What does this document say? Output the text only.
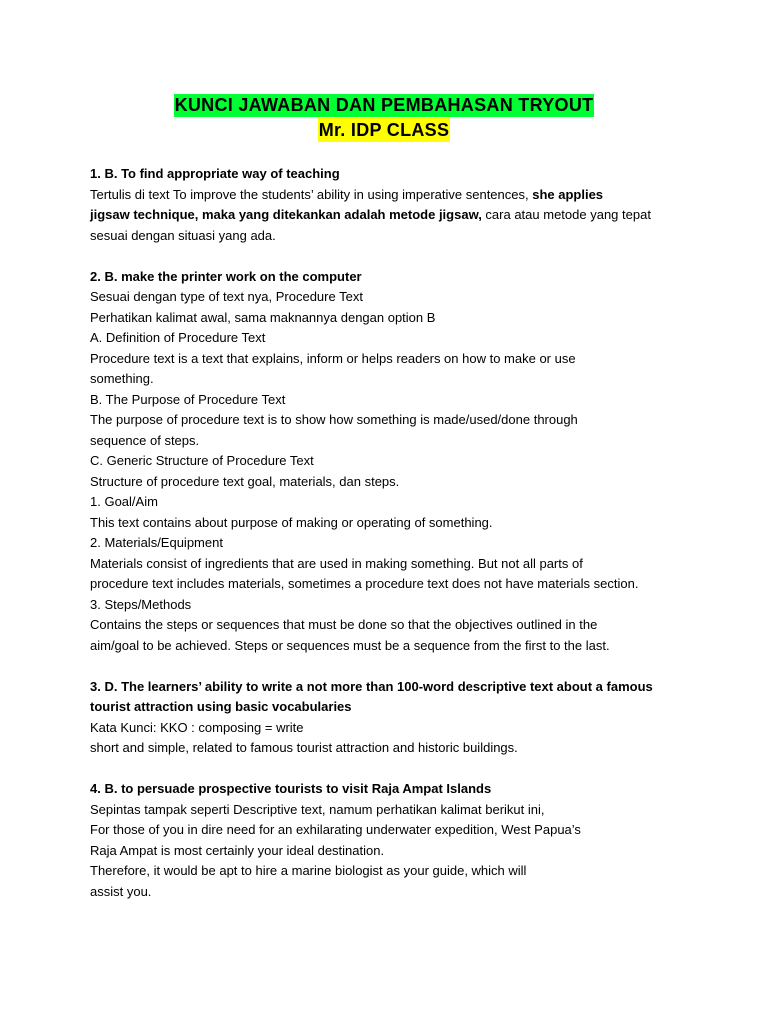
KUNCI JAWABAN DAN PEMBAHASAN TRYOUT
Mr. IDP CLASS
1. B. To find appropriate way of teaching
Tertulis di text To improve the students’ ability in using imperative sentences, she applies
jigsaw technique, maka yang ditekankan adalah metode jigsaw, cara atau metode yang tepat
sesuai dengan situasi yang ada.
2. B. make the printer work on the computer
Sesuai dengan type of text nya, Procedure Text
Perhatikan kalimat awal, sama maknannya dengan option B
A. Definition of Procedure Text
Procedure text is a text that explains, inform or helps readers on how to make or use
something.
B. The Purpose of Procedure Text
The purpose of procedure text is to show how something is made/used/done through
sequence of steps.
C. Generic Structure of Procedure Text
Structure of procedure text goal, materials, dan steps.
1. Goal/Aim
This text contains about purpose of making or operating of something.
2. Materials/Equipment
Materials consist of ingredients that are used in making something. But not all parts of
procedure text includes materials, sometimes a procedure text does not have materials section.
3. Steps/Methods
Contains the steps or sequences that must be done so that the objectives outlined in the
aim/goal to be achieved. Steps or sequences must be a sequence from the first to the last.
3. D. The learners’ ability to write a not more than 100-word descriptive text about a famous
tourist attraction using basic vocabularies
Kata Kunci: KKO : composing = write
short and simple, related to famous tourist attraction and historic buildings.
4. B. to persuade prospective tourists to visit Raja Ampat Islands
Sepintas tampak seperti Descriptive text, namum perhatikan kalimat berikut ini,
For those of you in dire need for an exhilarating underwater expedition, West Papua’s
Raja Ampat is most certainly your ideal destination.
Therefore, it would be apt to hire a marine biologist as your guide, which will
assist you.
